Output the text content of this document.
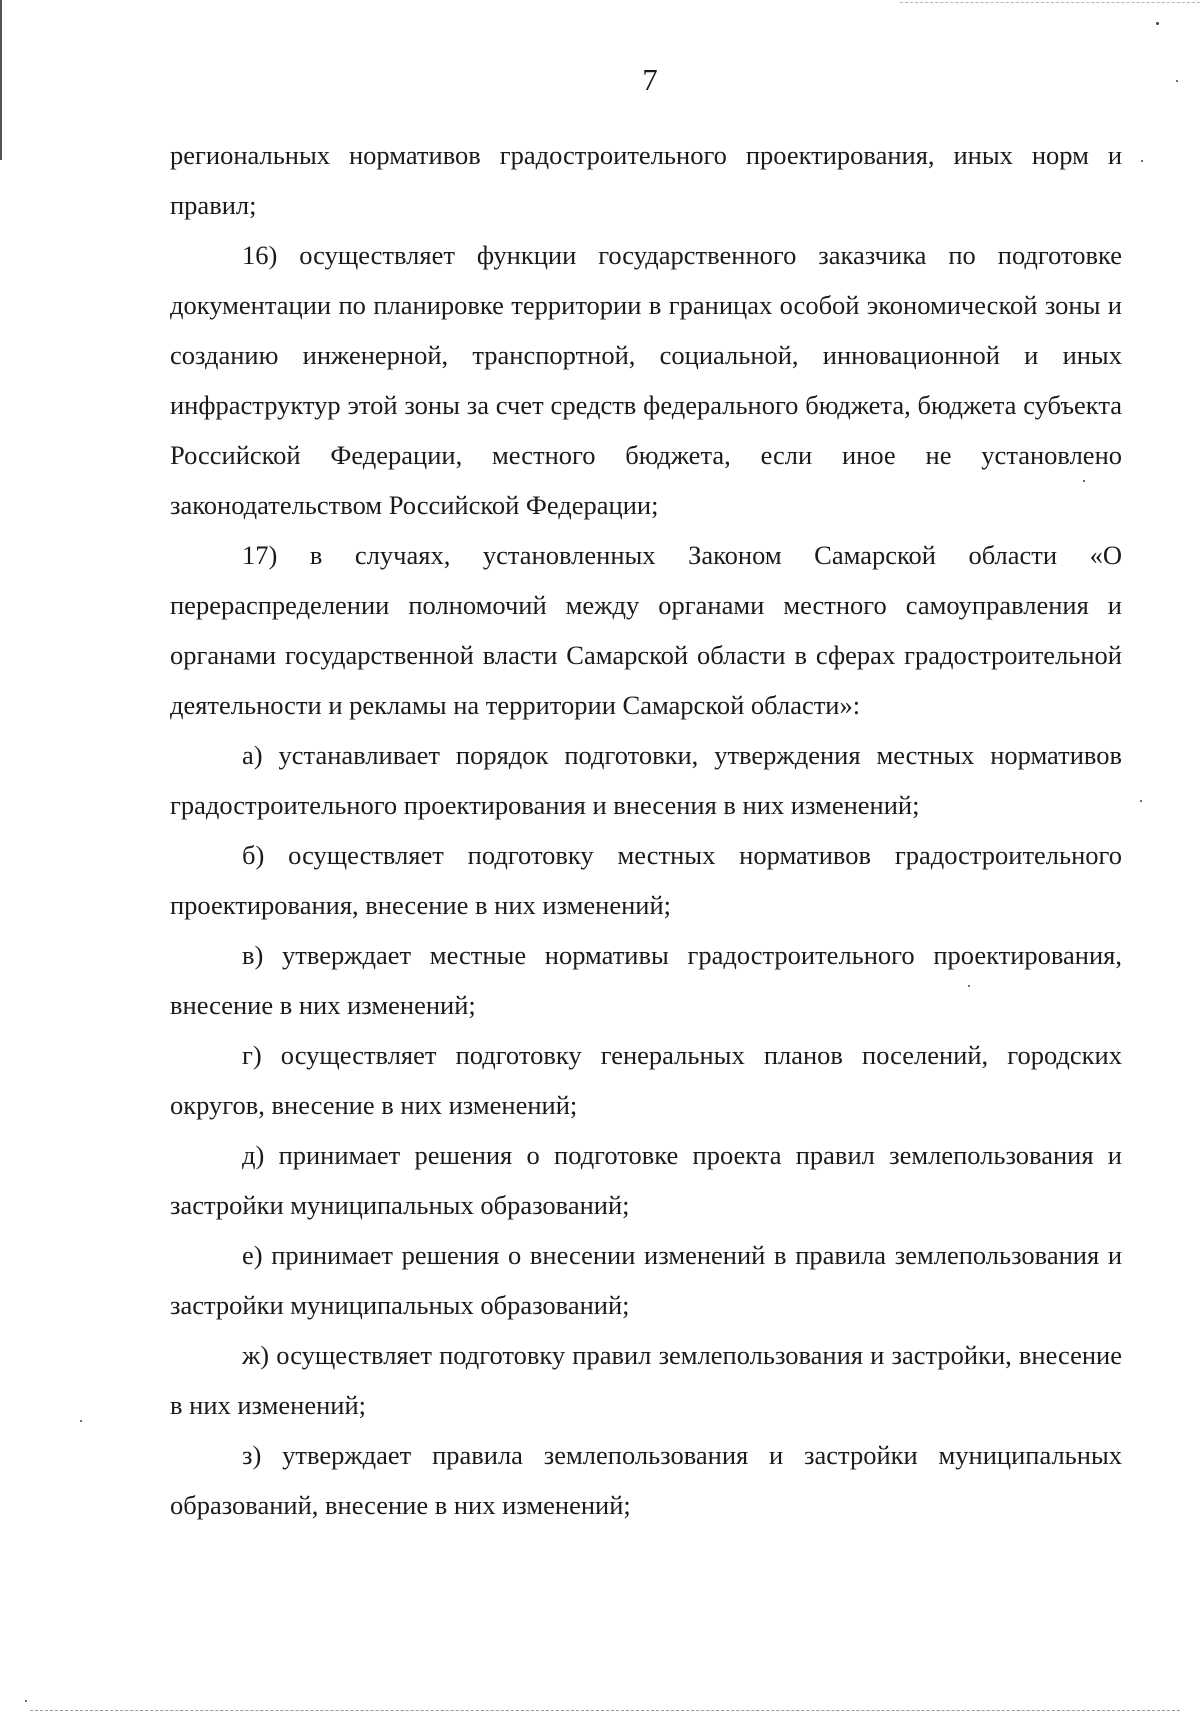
7

региональных нормативов градостроительного проектирования, иных норм и правил;

16) осуществляет функции государственного заказчика по подготовке документации по планировке территории в границах особой экономической зоны и созданию инженерной, транспортной, социальной, инновационной и иных инфраструктур этой зоны за счет средств федерального бюджета, бюджета субъекта Российской Федерации, местного бюджета, если иное не установлено законодательством Российской Федерации;

17) в случаях, установленных Законом Самарской области «О перераспределении полномочий между органами местного самоуправления и органами государственной власти Самарской области в сферах градостроительной деятельности и рекламы на территории Самарской области»:

а) устанавливает порядок подготовки, утверждения местных нормативов градостроительного проектирования и внесения в них изменений;

б) осуществляет подготовку местных нормативов градостроительного проектирования, внесение в них изменений;

в) утверждает местные нормативы градостроительного проектирования, внесение в них изменений;

г) осуществляет подготовку генеральных планов поселений, городских округов, внесение в них изменений;

д) принимает решения о подготовке проекта правил землепользования и застройки муниципальных образований;

е) принимает решения о внесении изменений в правила землепользования и застройки муниципальных образований;

ж) осуществляет подготовку правил землепользования и застройки, внесение в них изменений;

з) утверждает правила землепользования и застройки муниципальных образований, внесение в них изменений;
